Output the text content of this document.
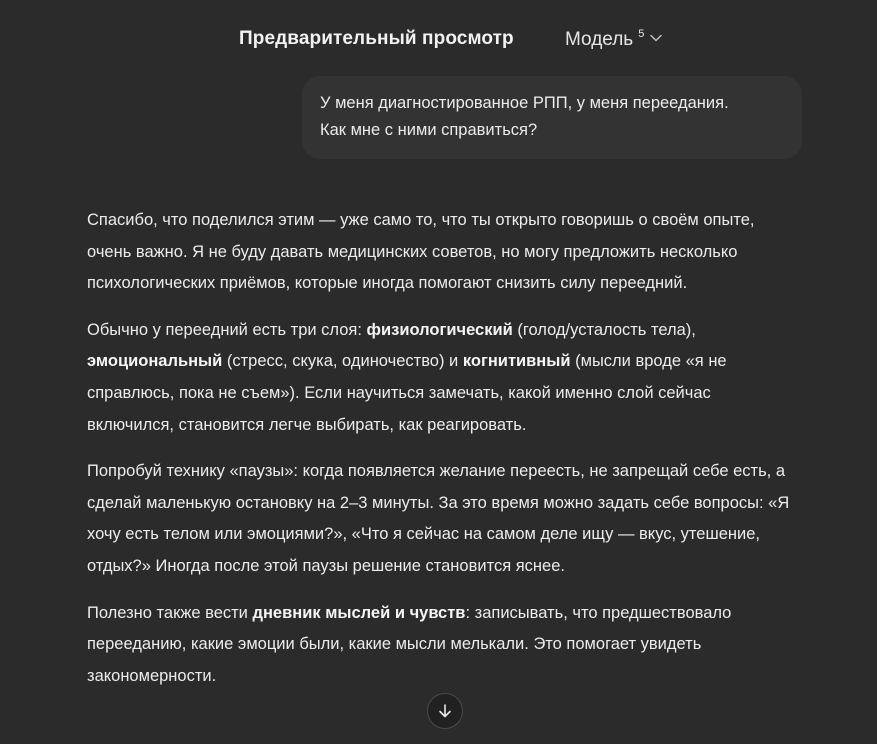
Предварительный просмотр	Модель 5
У меня диагностированное РПП, у меня переедания.
Как мне с ними справиться?

Спасибо, что поделился этим — уже само то, что ты открыто говоришь о своём опыте, очень важно. Я не буду давать медицинских советов, но могу предложить несколько психологических приёмов, которые иногда помогают снизить силу переедний.

Обычно у переедний есть три слоя: физиологический (голод/усталость тела), эмоциональный (стресс, скука, одиночество) и когнитивный (мысли вроде «я не справлюсь, пока не съем»). Если научиться замечать, какой именно слой сейчас включился, становится легче выбирать, как реагировать.

Попробуй технику «паузы»: когда появляется желание переесть, не запрещай себе есть, а сделай маленькую остановку на 2–3 минуты. За это время можно задать себе вопросы: «Я хочу есть телом или эмоциями?», «Что я сейчас на самом деле ищу — вкус, утешение, отдых?» Иногда после этой паузы решение становится яснее.

Полезно также вести дневник мыслей и чувств: записывать, что предшествовало перееданию, какие эмоции были, какие мысли мелькали. Это помогает увидеть закономерности.
